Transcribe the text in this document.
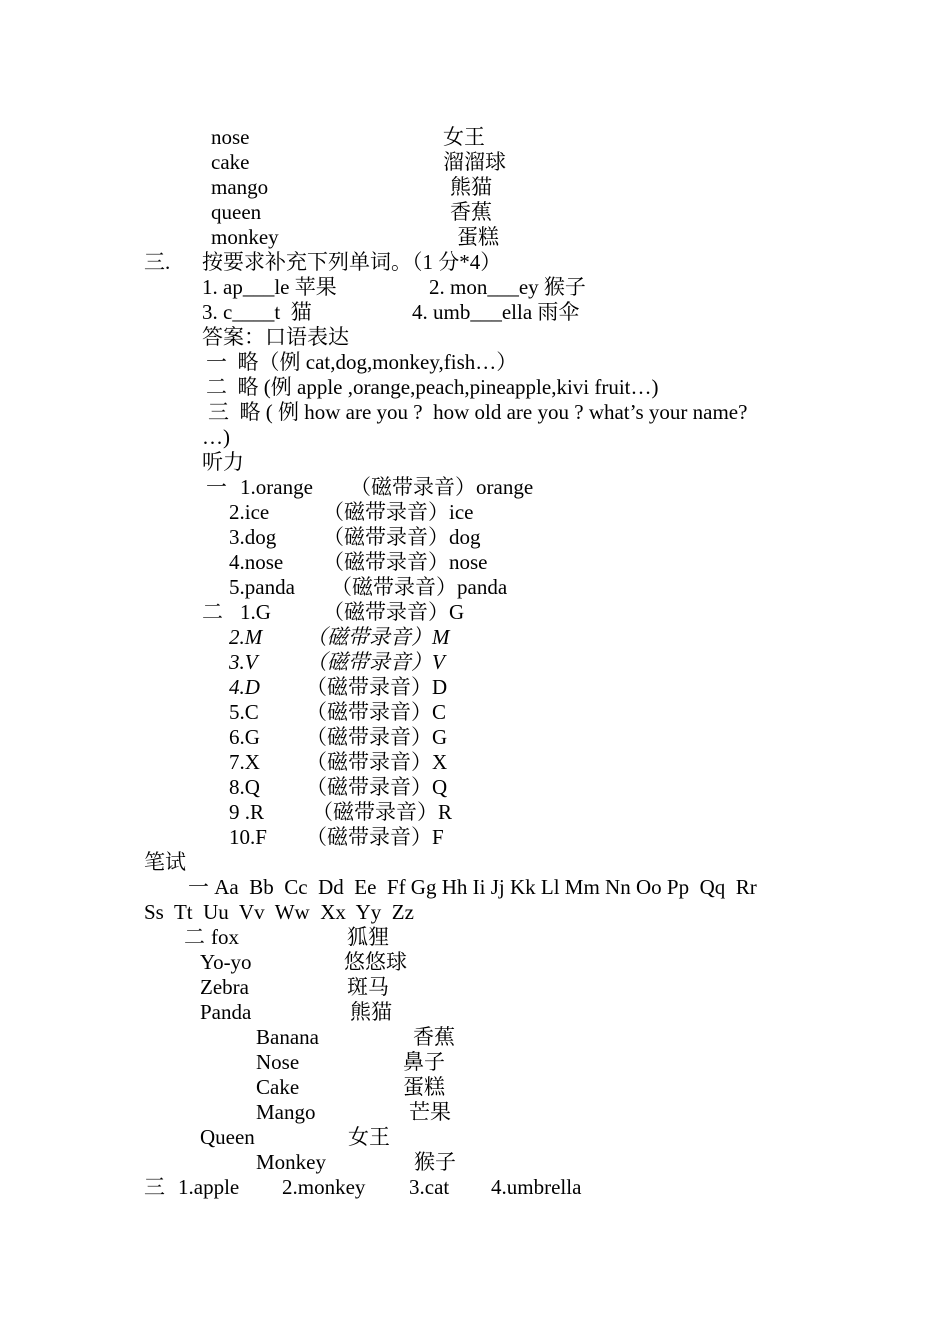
nose	女王
cake	溜溜球
mango	熊猫
queen	香蕉
monkey	蛋糕
三. 按要求补充下列单词。（1 分*4）
1. ap___le 苹果	2. mon___ey 猴子
3. c____t  猫	4. umb___ella 雨伞
答案：口语表达
一  略（例 cat,dog,monkey,fish…）
二  略 (例 apple ,orange,peach,pineapple,kivi fruit…)
三  略 ( 例 how are you ?  how old are you ? what’s your name?
…)
听力
一 1.orange （磁带录音）orange
2.ice	（磁带录音）ice
3.dog （磁带录音）dog
4.nose （磁带录音）nose
5.panda （磁带录音）panda
二 1.G （磁带录音）G
2.M （磁带录音）M
3.V （磁带录音）V
4.D （磁带录音）D
5.C （磁带录音）C
6.G （磁带录音）G
7.X （磁带录音）X
8.Q （磁带录音）Q
9 .R （磁带录音）R
10.F （磁带录音）F
笔试
一 Aa  Bb  Cc  Dd  Ee  Ff Gg Hh Ii Jj Kk Ll Mm Nn Oo Pp  Qq  Rr
Ss  Tt  Uu  Vv  Ww  Xx  Yy  Zz
二 fox	狐狸
Yo-yo	悠悠球
Zebra	斑马
Panda	熊猫
Banana	香蕉
Nose	鼻子
Cake	蛋糕
Mango	芒果
Queen	女王
Monkey	猴子
三 1.apple 2.monkey 3.cat 4.umbrella
